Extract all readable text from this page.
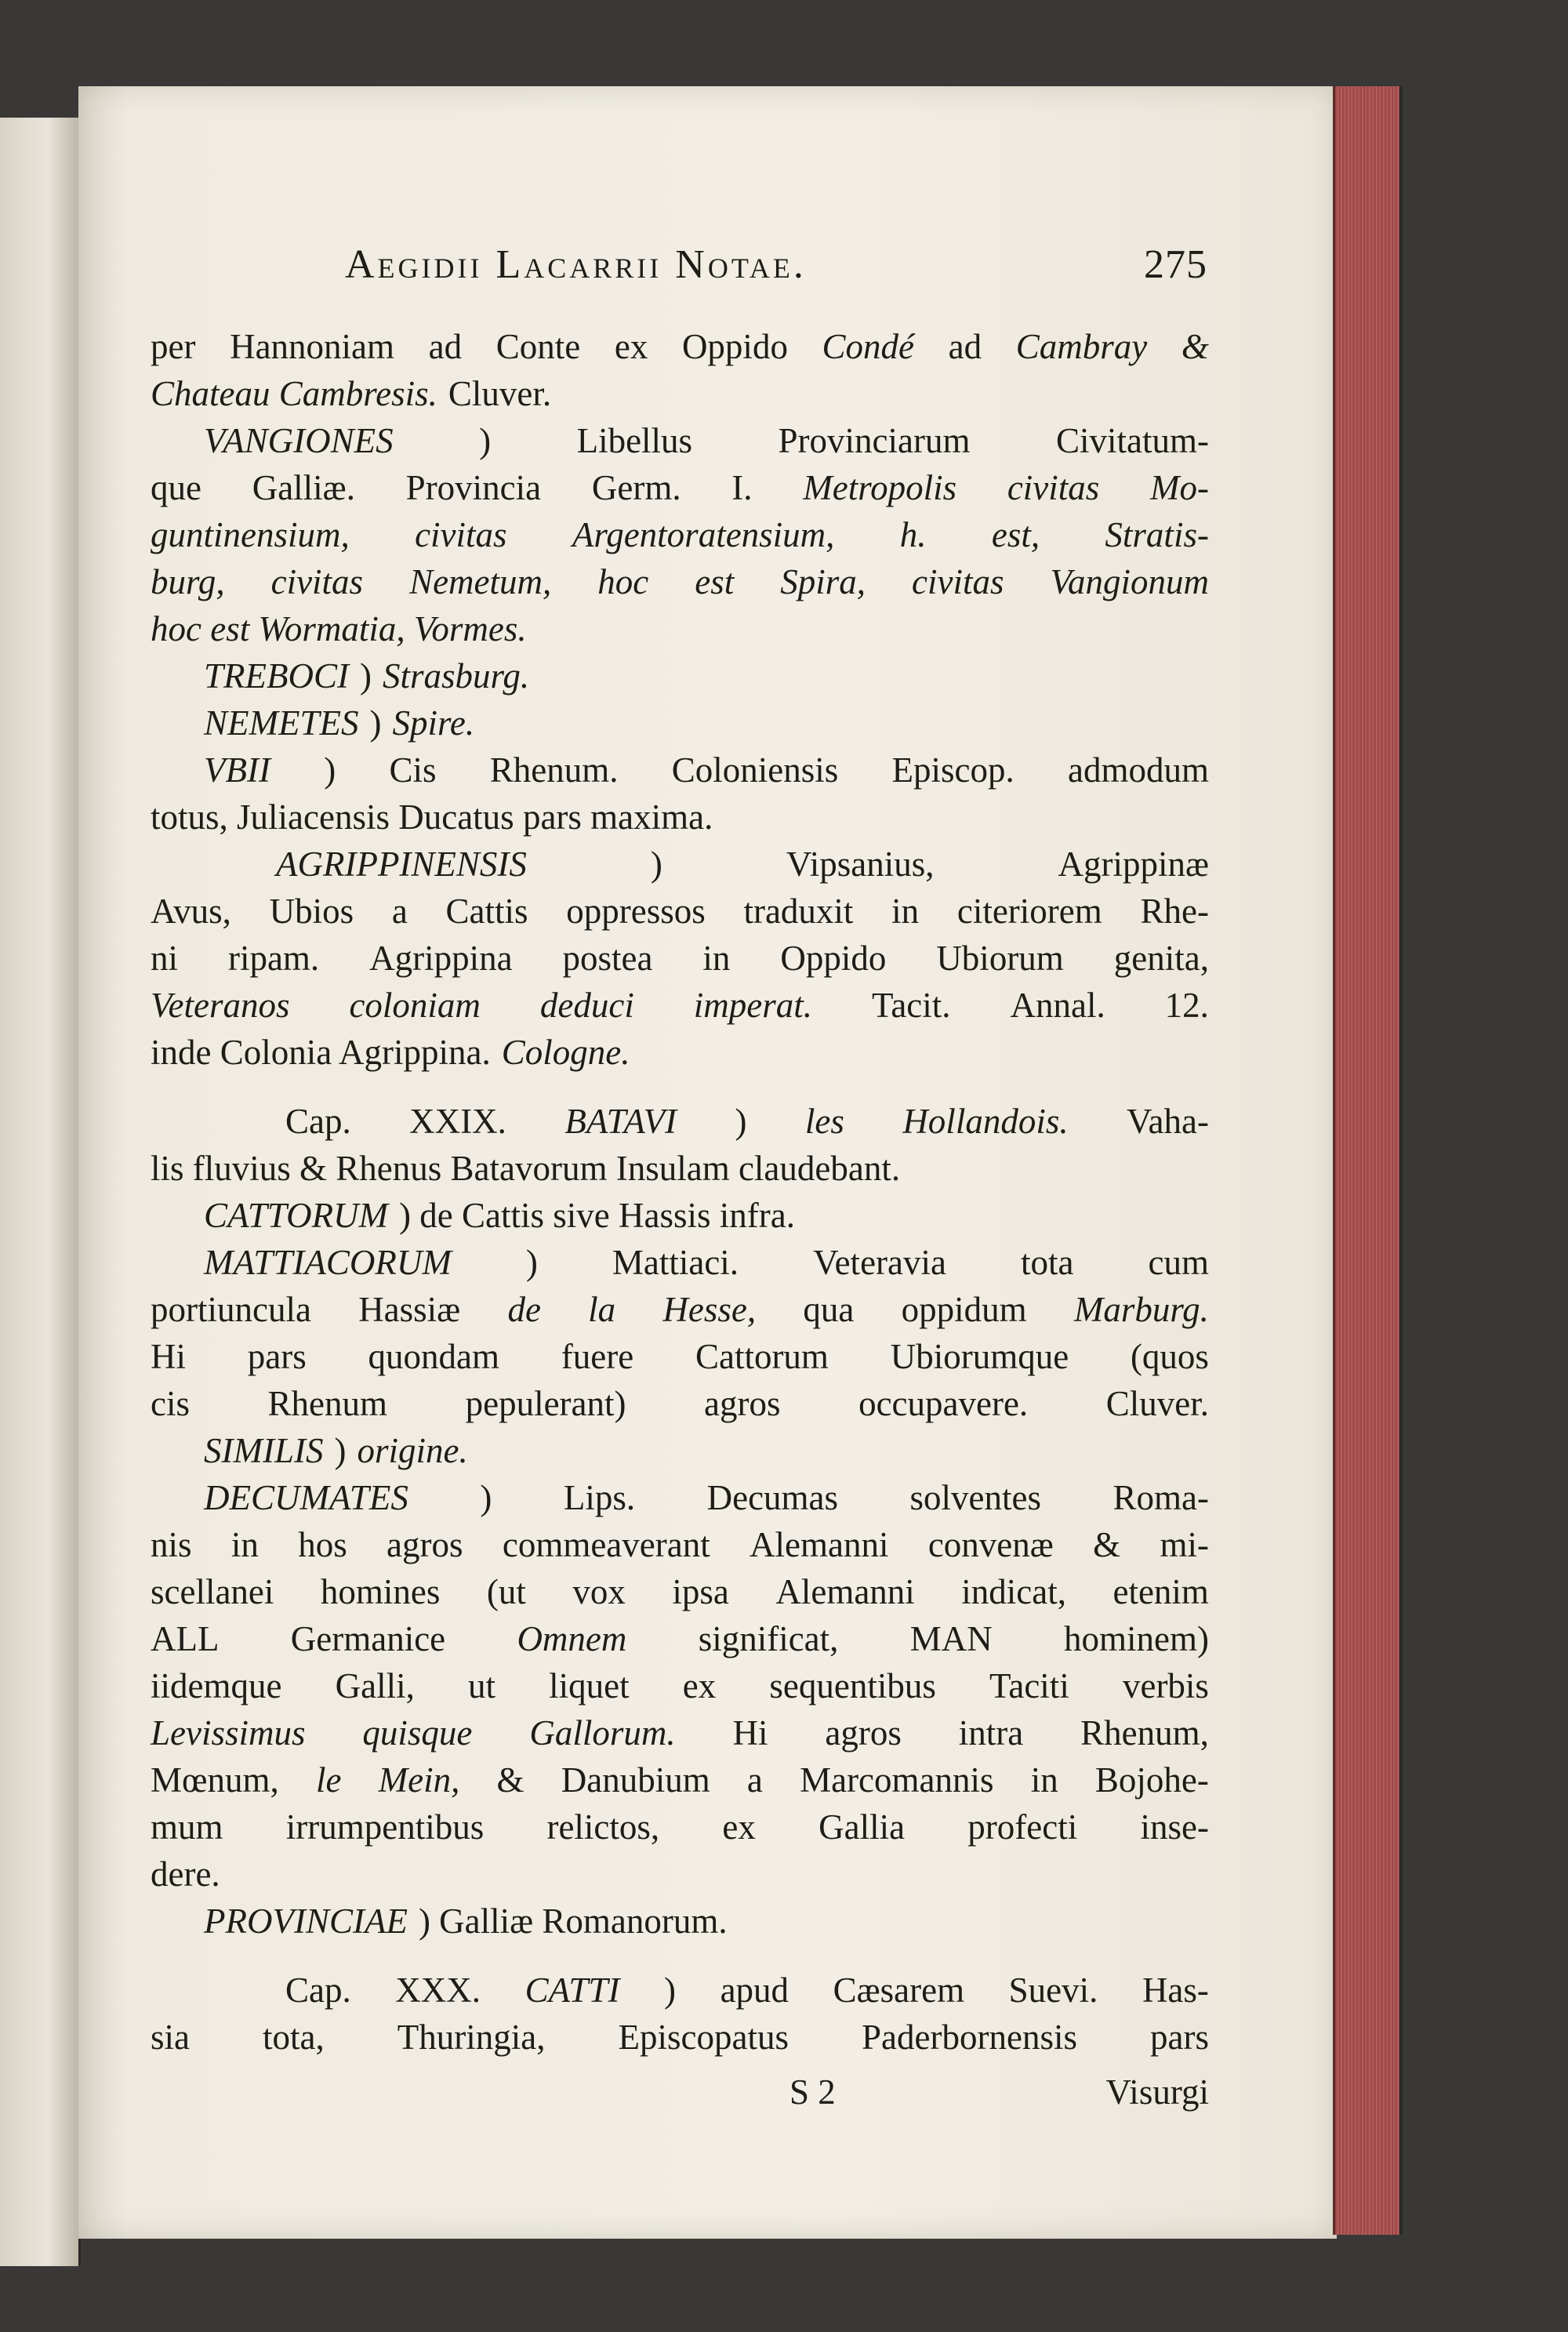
Aegidii Lacarrii Notae.	275
per Hannoniam ad Conte ex Oppido Condé ad Cambray &
Chateau Cambresis. Cluver.
VANGIONES ) Libellus Provinciarum Civitatum-
que Galliæ. Provincia Germ. I. Metropolis civitas Mo-
guntinensium, civitas Argentoratensium, h. est, Stratis-
burg, civitas Nemetum, hoc est Spira, civitas Vangionum
hoc est Wormatia, Vormes.
TREBOCI ) Strasburg.
NEMETES ) Spire.
VBII ) Cis Rhenum. Coloniensis Episcop. admodum
totus, Juliacensis Ducatus pars maxima.
AGRIPPINENSIS	)	Vipsanius,	Agrippinæ
Avus, Ubios a Cattis oppressos traduxit in citeriorem Rhe-
ni ripam. Agrippina postea in Oppido Ubiorum genita,
Veteranos coloniam deduci imperat. Tacit. Annal. 12.
inde Colonia Agrippina. Cologne.
Cap. XXIX. BATAVI ) les Hollandois. Vaha-
lis fluvius & Rhenus Batavorum Insulam claudebant.
CATTORUM ) de Cattis sive Hassis infra.
MATTIACORUM ) Mattiaci. Veteravia tota cum
portiuncula Hassiæ de la Hesse, qua oppidum Marburg.
Hi pars quondam fuere Cattorum Ubiorumque (quos
cis Rhenum pepulerant) agros occupavere. Cluver.
SIMILIS ) origine.
DECUMATES ) Lips. Decumas solventes Roma-
nis in hos agros commeaverant Alemanni convenæ & mi-
scellanei homines (ut vox ipsa Alemanni indicat, etenim
ALL Germanice Omnem significat, MAN hominem)
iidemque Galli, ut liquet ex sequentibus Taciti verbis
Levissimus quisque Gallorum. Hi agros intra Rhenum,
Mœnum, le Mein, & Danubium a Marcomannis in Bojohe-
mum irrumpentibus relictos, ex Gallia profecti inse-
dere.
PROVINCIAE ) Galliæ Romanorum.
Cap. XXX. CATTI ) apud Cæsarem Suevi. Has-
sia tota, Thuringia, Episcopatus Paderbornensis pars
S 2	Visurgi
